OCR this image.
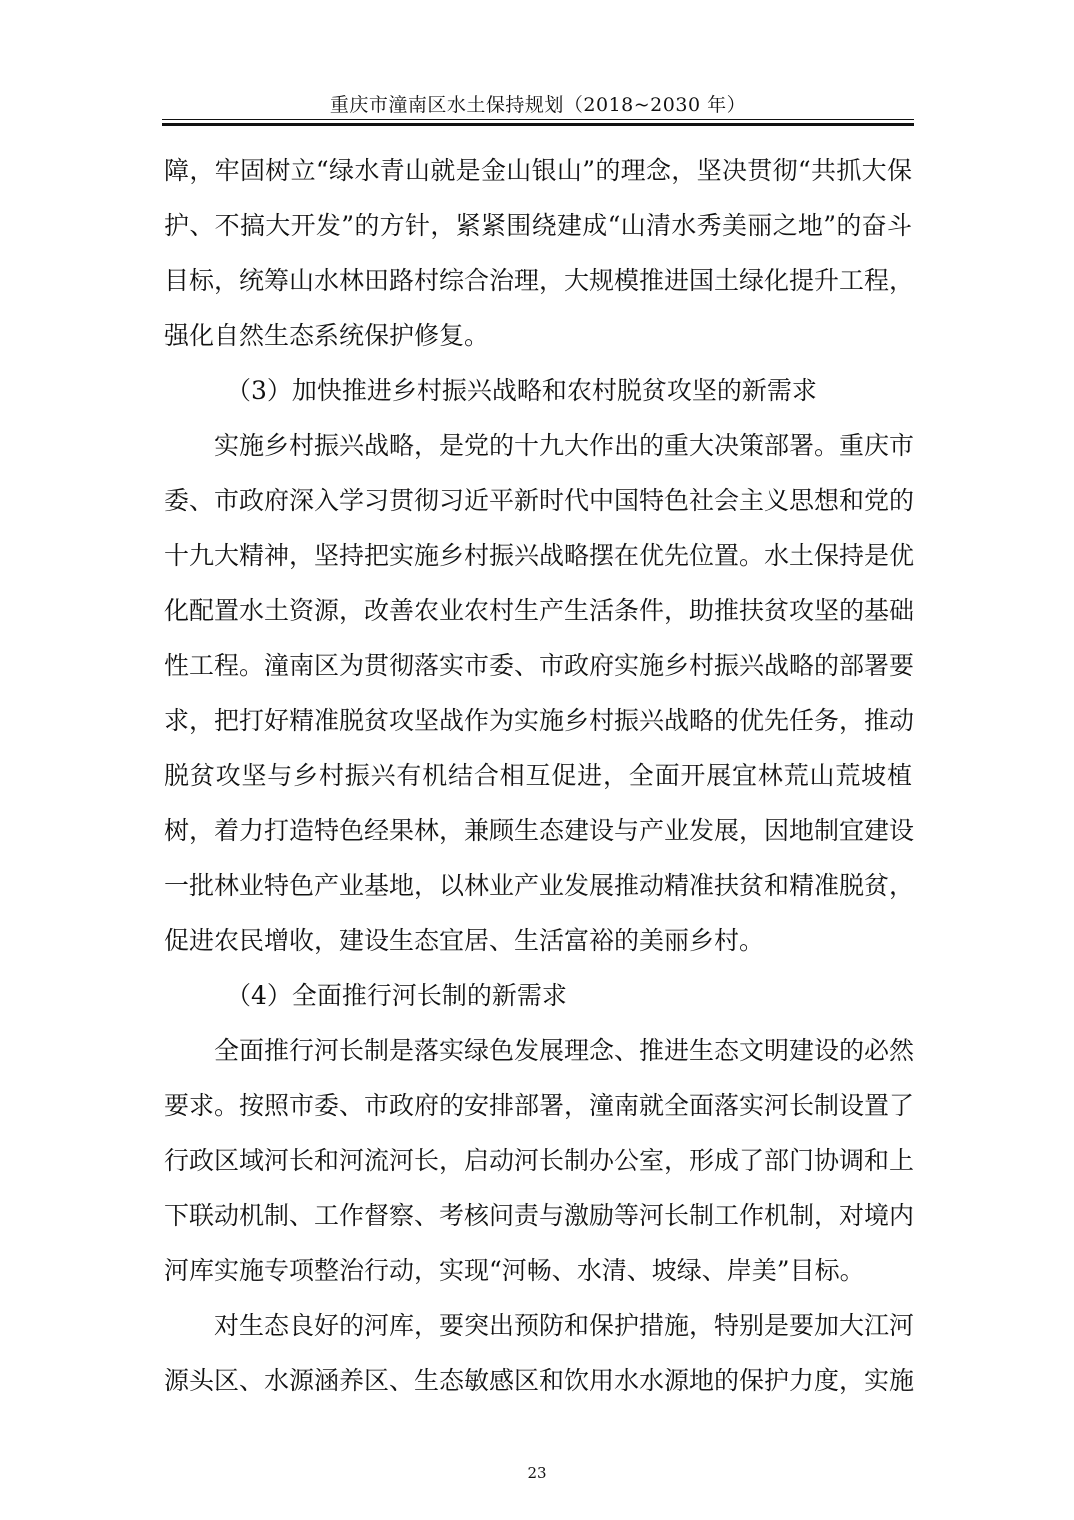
重庆市潼南区水土保持规划（2018~2030 年）
障，牢固树立“绿水青山就是金山银山”的理念，坚决贯彻“共抓大保
护、不搞大开发”的方针，紧紧围绕建成“山清水秀美丽之地”的奋斗
目标，统筹山水林田路村综合治理，大规模推进国土绿化提升工程，
强化自然生态系统保护修复。
（3）加快推进乡村振兴战略和农村脱贫攻坚的新需求
实施乡村振兴战略，是党的十九大作出的重大决策部署。重庆市
委、市政府深入学习贯彻习近平新时代中国特色社会主义思想和党的
十九大精神，坚持把实施乡村振兴战略摆在优先位置。水土保持是优
化配置水土资源，改善农业农村生产生活条件，助推扶贫攻坚的基础
性工程。潼南区为贯彻落实市委、市政府实施乡村振兴战略的部署要
求，把打好精准脱贫攻坚战作为实施乡村振兴战略的优先任务，推动
脱贫攻坚与乡村振兴有机结合相互促进，全面开展宜林荒山荒坡植
树，着力打造特色经果林，兼顾生态建设与产业发展，因地制宜建设
一批林业特色产业基地，以林业产业发展推动精准扶贫和精准脱贫，
促进农民增收，建设生态宜居、生活富裕的美丽乡村。
（4）全面推行河长制的新需求
全面推行河长制是落实绿色发展理念、推进生态文明建设的必然
要求。按照市委、市政府的安排部署，潼南就全面落实河长制设置了
行政区域河长和河流河长，启动河长制办公室，形成了部门协调和上
下联动机制、工作督察、考核问责与激励等河长制工作机制，对境内
河库实施专项整治行动，实现“河畅、水清、坡绿、岸美”目标。
对生态良好的河库，要突出预防和保护措施，特别是要加大江河
源头区、水源涵养区、生态敏感区和饮用水水源地的保护力度，实施
23
